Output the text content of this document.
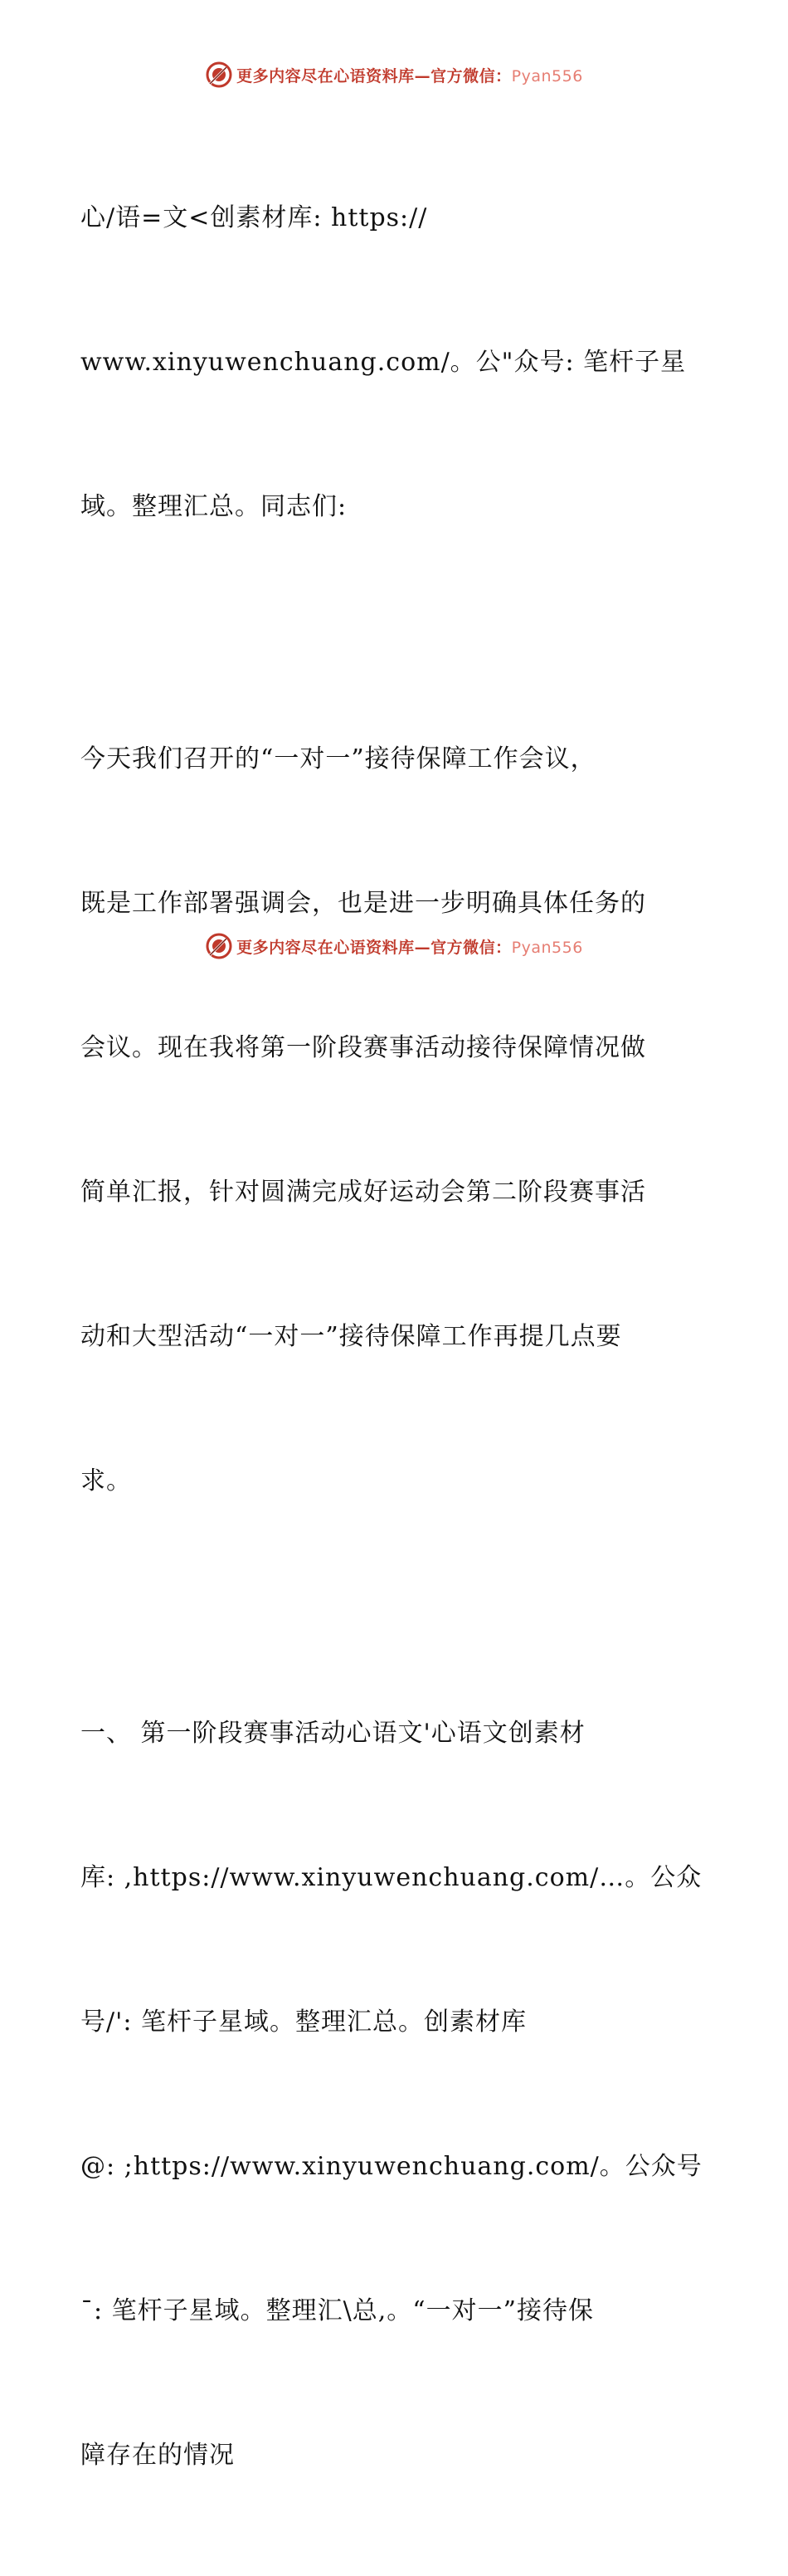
更多内容尽在心语资料库—官方微信：Pyan556

心/语=文<创素材库: https://

www.xinyuwenchuang.com/。公"众号: 笔杆子星

域。整理汇总。同志们:

今天我们召开的“一对一”接待保障工作会议，

既是工作部署强调会，也是进一步明确具体任务的

会议。现在我将第一阶段赛事活动接待保障情况做

简单汇报，针对圆满完成好运动会第二阶段赛事活

动和大型活动“一对一”接待保障工作再提几点要

求。

一、 第一阶段赛事活动心语文'心语文创素材

库: ,https://www.xinyuwenchuang.com/…。公众

号/': 笔杆子星域。整理汇总。创素材库

@: ;https://www.xinyuwenchuang.com/。公众号

¯: 笔杆子星域。整理汇\总,。“一对一”接待保

障存在的情况

更多内容尽在心语资料库—官方微信：Pyan556
